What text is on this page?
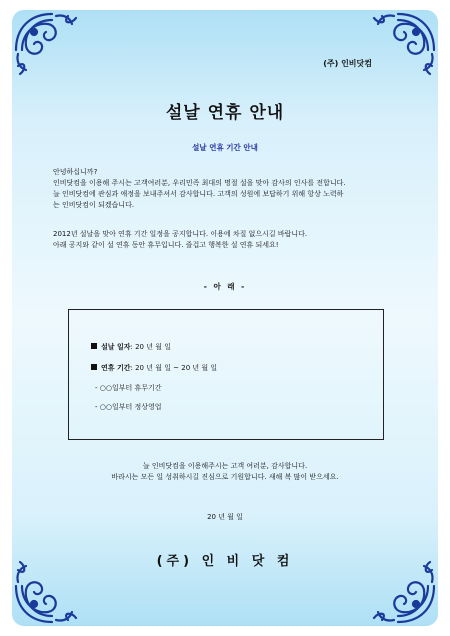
(주) 인비닷컴
설날 연휴 안내
설날 연휴 기간 안내
안녕하십니까?
인비닷컴을 이용해 주시는 고객여러분, 우리민족 최대의 명절 설을 맞아 감사의 인사를 전합니다.
늘 인비닷컴에 관심과 애정을 보내주셔서 감사합니다. 고객의 성원에 보답하기 위해 항상 노력하
는 인비닷컴이 되겠습니다.
2012년 설날을 맞아 연휴 기간 일정을 공지합니다. 이용에 차질 없으시길 바랍니다.
아래 공지와 같이 설 연휴 동안 휴무입니다. 즐겁고 행복한 설 연휴 되세요!
- 아 래 -
설날 일자: 20 년 월 일
연휴 기간: 20 년 월 일 ~ 20 년 월 일
- ○○일부터 휴무기간
- ○○일부터 정상영업
늘 인비닷컴을 이용해주시는 고객 여러분, 감사합니다.
바라시는 모든 일 성취하시길 진심으로 기원합니다. 새해 복 많이 받으세요.
20 년 월 일
(주) 인 비 닷 컴
